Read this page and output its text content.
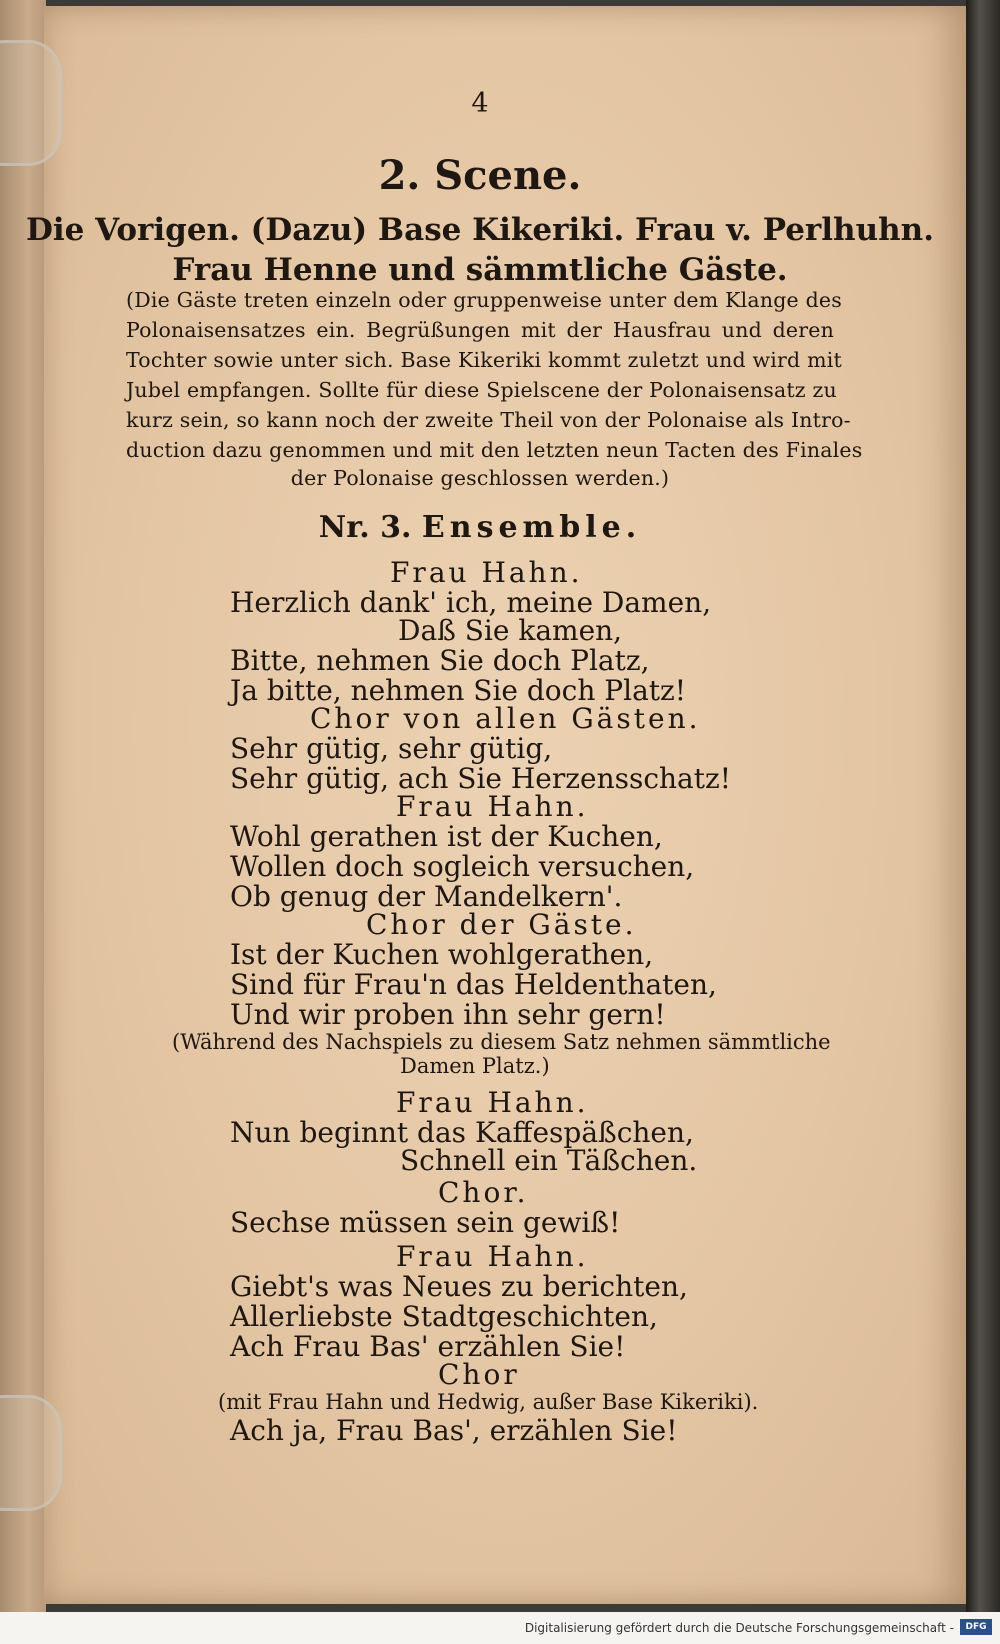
4
2. Scene.
Die Vorigen. (Dazu) Base Kikeriki. Frau v. Perlhuhn.
Frau Henne und sämmtliche Gäste.
(Die Gäste treten einzeln oder gruppenweise unter dem Klange des
Polonaisensatzes ein. Begrüßungen mit der Hausfrau und deren
Tochter sowie unter sich. Base Kikeriki kommt zuletzt und wird mit
Jubel empfangen. Sollte für diese Spielscene der Polonaisensatz zu
kurz sein, so kann noch der zweite Theil von der Polonaise als Intro-
duction dazu genommen und mit den letzten neun Tacten des Finales
der Polonaise geschlossen werden.)
Nr. 3. Ensemble.
Frau Hahn.
Herzlich dank' ich, meine Damen,
Daß Sie kamen,
Bitte, nehmen Sie doch Platz,
Ja bitte, nehmen Sie doch Platz!
Chor von allen Gästen.
Sehr gütig, sehr gütig,
Sehr gütig, ach Sie Herzensschatz!
Frau Hahn.
Wohl gerathen ist der Kuchen,
Wollen doch sogleich versuchen,
Ob genug der Mandelkern'.
Chor der Gäste.
Ist der Kuchen wohlgerathen,
Sind für Frau'n das Heldenthaten,
Und wir proben ihn sehr gern!
(Während des Nachspiels zu diesem Satz nehmen sämmtliche
Damen Platz.)
Frau Hahn.
Nun beginnt das Kaffespäßchen,
Schnell ein Täßchen.
Chor.
Sechse müssen sein gewiß!
Frau Hahn.
Giebt's was Neues zu berichten,
Allerliebste Stadtgeschichten,
Ach Frau Bas' erzählen Sie!
Chor
(mit Frau Hahn und Hedwig, außer Base Kikeriki).
Ach ja, Frau Bas', erzählen Sie!
Digitalisierung gefördert durch die Deutsche Forschungsgemeinschaft -	DFG
